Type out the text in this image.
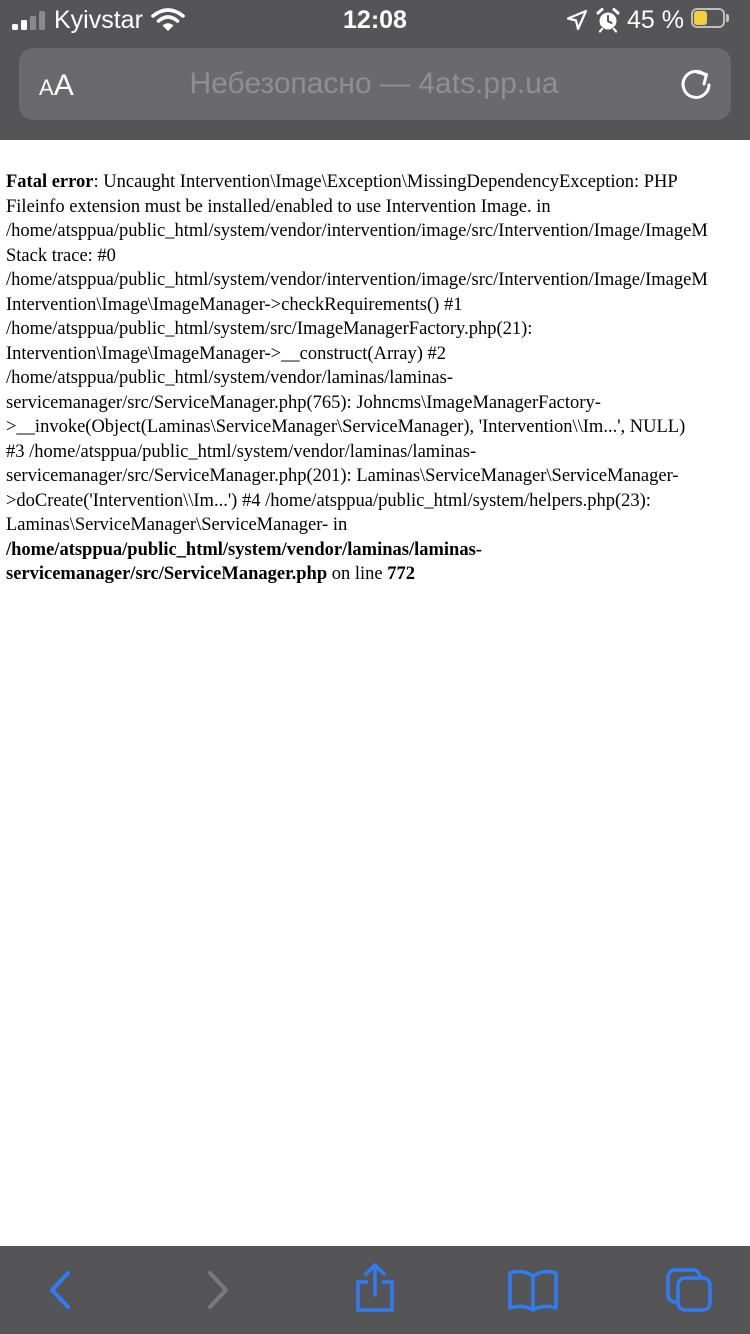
Kyivstar	12:08	45 %
AA	Небезопасно — 4ats.pp.ua
Fatal error: Uncaught Intervention\Image\Exception\MissingDependencyException: PHP
Fileinfo extension must be installed/enabled to use Intervention Image. in
/home/atsppua/public_html/system/vendor/intervention/image/src/Intervention/Image/ImageM
Stack trace: #0
/home/atsppua/public_html/system/vendor/intervention/image/src/Intervention/Image/ImageM
Intervention\Image\ImageManager->checkRequirements() #1
/home/atsppua/public_html/system/src/ImageManagerFactory.php(21):
Intervention\Image\ImageManager->__construct(Array) #2
/home/atsppua/public_html/system/vendor/laminas/laminas-
servicemanager/src/ServiceManager.php(765): Johncms\ImageManagerFactory-
>__invoke(Object(Laminas\ServiceManager\ServiceManager), 'Intervention\\Im...', NULL)
#3 /home/atsppua/public_html/system/vendor/laminas/laminas-
servicemanager/src/ServiceManager.php(201): Laminas\ServiceManager\ServiceManager-
>doCreate('Intervention\\Im...') #4 /home/atsppua/public_html/system/helpers.php(23):
Laminas\ServiceManager\ServiceManager- in
/home/atsppua/public_html/system/vendor/laminas/laminas-
servicemanager/src/ServiceManager.php on line 772
